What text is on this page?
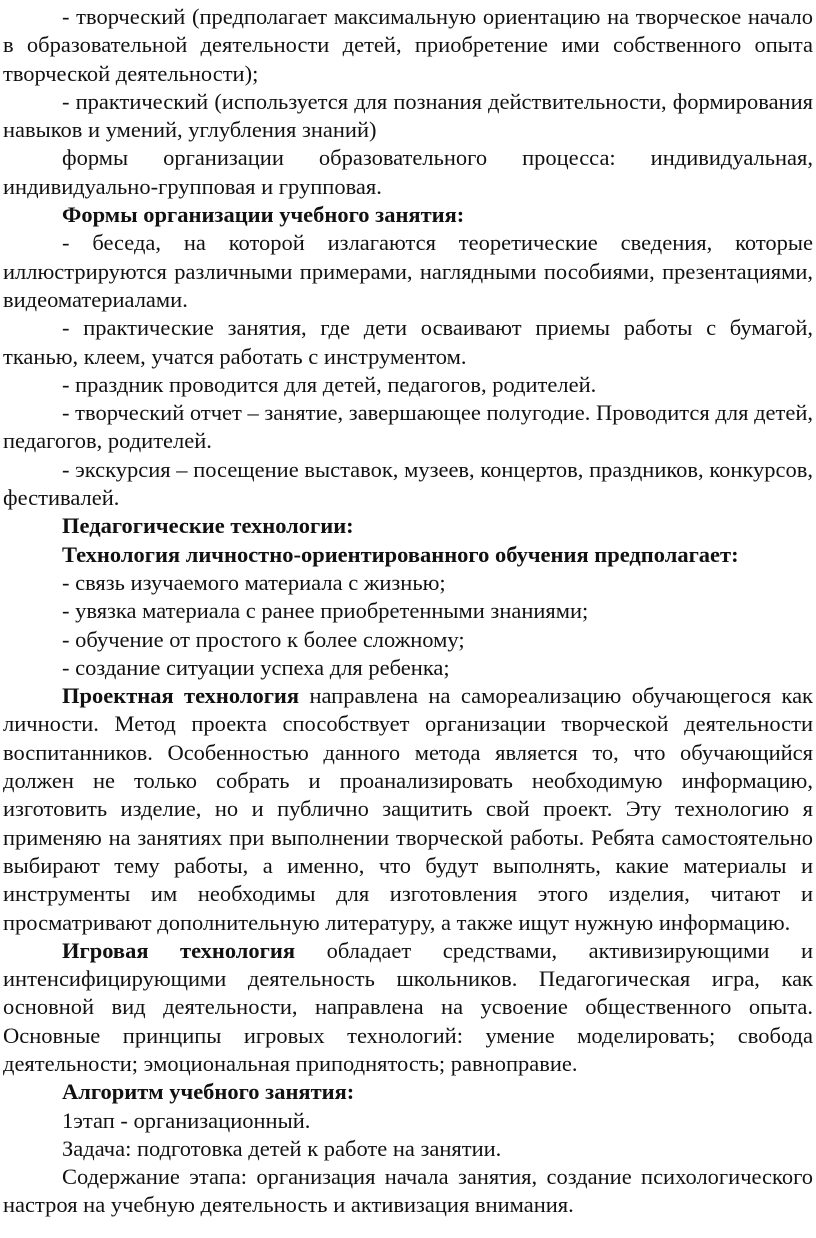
- творческий (предполагает максимальную ориентацию на творческое начало в образовательной деятельности детей, приобретение ими собственного опыта творческой деятельности);

- практический (используется для познания действительности, формирования навыков и умений, углубления знаний)

формы организации образовательного процесса: индивидуальная, индивидуально-групповая и групповая.

Формы организации учебного занятия:

- беседа, на которой излагаются теоретические сведения, которые иллюстрируются различными примерами, наглядными пособиями, презентациями, видеоматериалами.

- практические занятия, где дети осваивают приемы работы с бумагой, тканью, клеем, учатся работать с инструментом.

- праздник проводится для детей, педагогов, родителей.

- творческий отчет – занятие, завершающее полугодие. Проводится для детей, педагогов, родителей.

- экскурсия – посещение выставок, музеев, концертов, праздников, конкурсов, фестивалей.

Педагогические технологии:

Технология личностно-ориентированного обучения предполагает:

- связь изучаемого материала с жизнью;

- увязка материала с ранее приобретенными знаниями;

- обучение от простого к более сложному;

- создание ситуации успеха для ребенка;

Проектная технология направлена на самореализацию обучающегося как личности. Метод проекта способствует организации творческой деятельности воспитанников. Особенностью данного метода является то, что обучающийся должен не только собрать и проанализировать необходимую информацию, изготовить изделие, но и публично защитить свой проект. Эту технологию я применяю на занятиях при выполнении творческой работы. Ребята самостоятельно выбирают тему работы, а именно, что будут выполнять, какие материалы и инструменты им необходимы для изготовления этого изделия, читают и просматривают дополнительную литературу, а также ищут нужную информацию.

Игровая технология обладает средствами, активизирующими и интенсифицирующими деятельность школьников. Педагогическая игра, как основной вид деятельности, направлена на усвоение общественного опыта. Основные принципы игровых технологий: умение моделировать; свобода деятельности; эмоциональная приподнятость; равноправие.

Алгоритм учебного занятия:

1этап - организационный.

Задача: подготовка детей к работе на занятии.

Содержание этапа: организация начала занятия, создание психологического настроя на учебную деятельность и активизация внимания.
